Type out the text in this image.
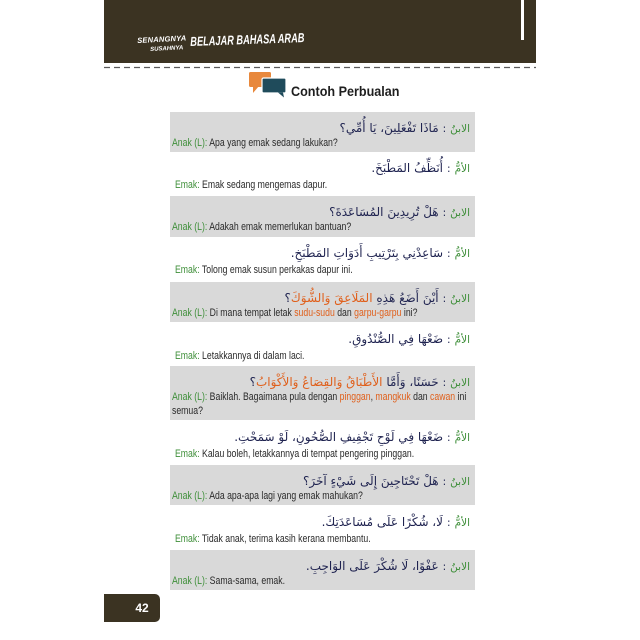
SENANGNYA
SUSAHNYA
BELAJAR BAHASA ARAB
Contoh Perbualan
الابنُ:مَاذَا تَفْعَلِينَ، يَا أُمِّي؟
Anak (L): Apa yang emak sedang lakukan?
الأمُّ:أُنَظِّفُ المَطْبَخَ.
Emak: Emak sedang mengemas dapur.
الابنُ:هَلْ تُرِيدِينَ المُسَاعَدَةَ؟
Anak (L): Adakah emak memerlukan bantuan?
الأمُّ:سَاعِدْنِي بِتَرْتِيبِ أَدَوَاتِ المَطْبَخِ.
Emak: Tolong emak susun perkakas dapur ini.
الابنُ:أَيْنَ أَضَعُ هَذِهِ المَلَاعِقَ وَالشُّوَكَ؟
Anak (L): Di mana tempat letak sudu-sudu dan garpu-garpu ini?
الأمُّ:ضَعْهَا فِي الصُّنْدُوقِ.
Emak: Letakkannya di dalam laci.
الابنُ:حَسَنًا، وَأَمَّا الأَطْبَاقُ وَالقِصَاعُ وَالأَكْوَابُ؟
Anak (L): Baiklah. Bagaimana pula dengan pinggan, mangkuk dan cawan ini semua?
الأمُّ:ضَعْهَا فِي لَوْحِ تَجْفِيفِ الصُّحُونِ، لَوْ سَمَحْتِ.
Emak: Kalau boleh, letakkannya di tempat pengering pinggan.
الابنُ:هَلْ تَحْتَاجِينَ إِلَى شَيْءٍ آخَرَ؟
Anak (L): Ada apa-apa lagi yang emak mahukan?
الأمُّ:لَا، شُكْرًا عَلَى مُسَاعَدَتِكَ.
Emak: Tidak anak, terima kasih kerana membantu.
الابنُ:عَفْوًا، لَا شُكْرَ عَلَى الوَاجِبِ.
Anak (L): Sama-sama, emak.
42
